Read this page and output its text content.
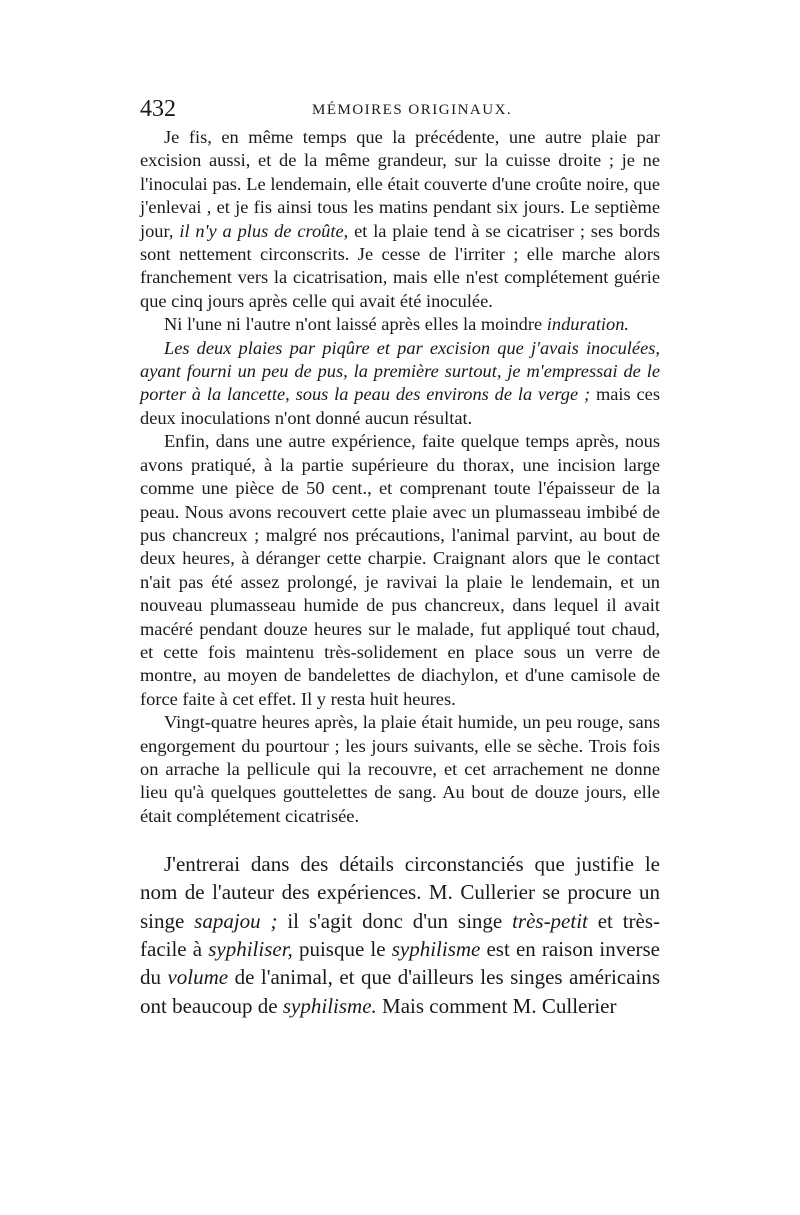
432	MÉMOIRES ORIGINAUX.

Je fis, en même temps que la précédente, une autre plaie par excision aussi, et de la même grandeur, sur la cuisse droite ; je ne l'inoculai pas. Le lendemain, elle était couverte d'une croûte noire, que j'enlevai , et je fis ainsi tous les matins pendant six jours. Le septième jour, il n'y a plus de croûte, et la plaie tend à se cicatriser ; ses bords sont nettement circonscrits. Je cesse de l'irriter ; elle marche alors franchement vers la cicatrisation, mais elle n'est complétement guérie que cinq jours après celle qui avait été inoculée.

Ni l'une ni l'autre n'ont laissé après elles la moindre induration.

Les deux plaies par piqûre et par excision que j'avais inoculées, ayant fourni un peu de pus, la première surtout, je m'empressai de le porter à la lancette, sous la peau des environs de la verge ; mais ces deux inoculations n'ont donné aucun résultat.

Enfin, dans une autre expérience, faite quelque temps après, nous avons pratiqué, à la partie supérieure du thorax, une incision large comme une pièce de 50 cent., et comprenant toute l'épaisseur de la peau. Nous avons recouvert cette plaie avec un plumasseau imbibé de pus chancreux ; malgré nos précautions, l'animal parvint, au bout de deux heures, à déranger cette charpie. Craignant alors que le contact n'ait pas été assez prolongé, je ravivai la plaie le lendemain, et un nouveau plumasseau humide de pus chancreux, dans lequel il avait macéré pendant douze heures sur le malade, fut appliqué tout chaud, et cette fois maintenu très-solidement en place sous un verre de montre, au moyen de bandelettes de diachylon, et d'une camisole de force faite à cet effet. Il y resta huit heures.

Vingt-quatre heures après, la plaie était humide, un peu rouge, sans engorgement du pourtour ; les jours suivants, elle se sèche. Trois fois on arrache la pellicule qui la recouvre, et cet arrachement ne donne lieu qu'à quelques gouttelettes de sang. Au bout de douze jours, elle était complétement cicatrisée.

J'entrerai dans des détails circonstanciés que justifie le nom de l'auteur des expériences. M. Cullerier se procure un singe sapajou ; il s'agit donc d'un singe très-petit et très-facile à syphiliser, puisque le syphilisme est en raison inverse du volume de l'animal, et que d'ailleurs les singes américains ont beaucoup de syphilisme. Mais comment M. Cullerier
